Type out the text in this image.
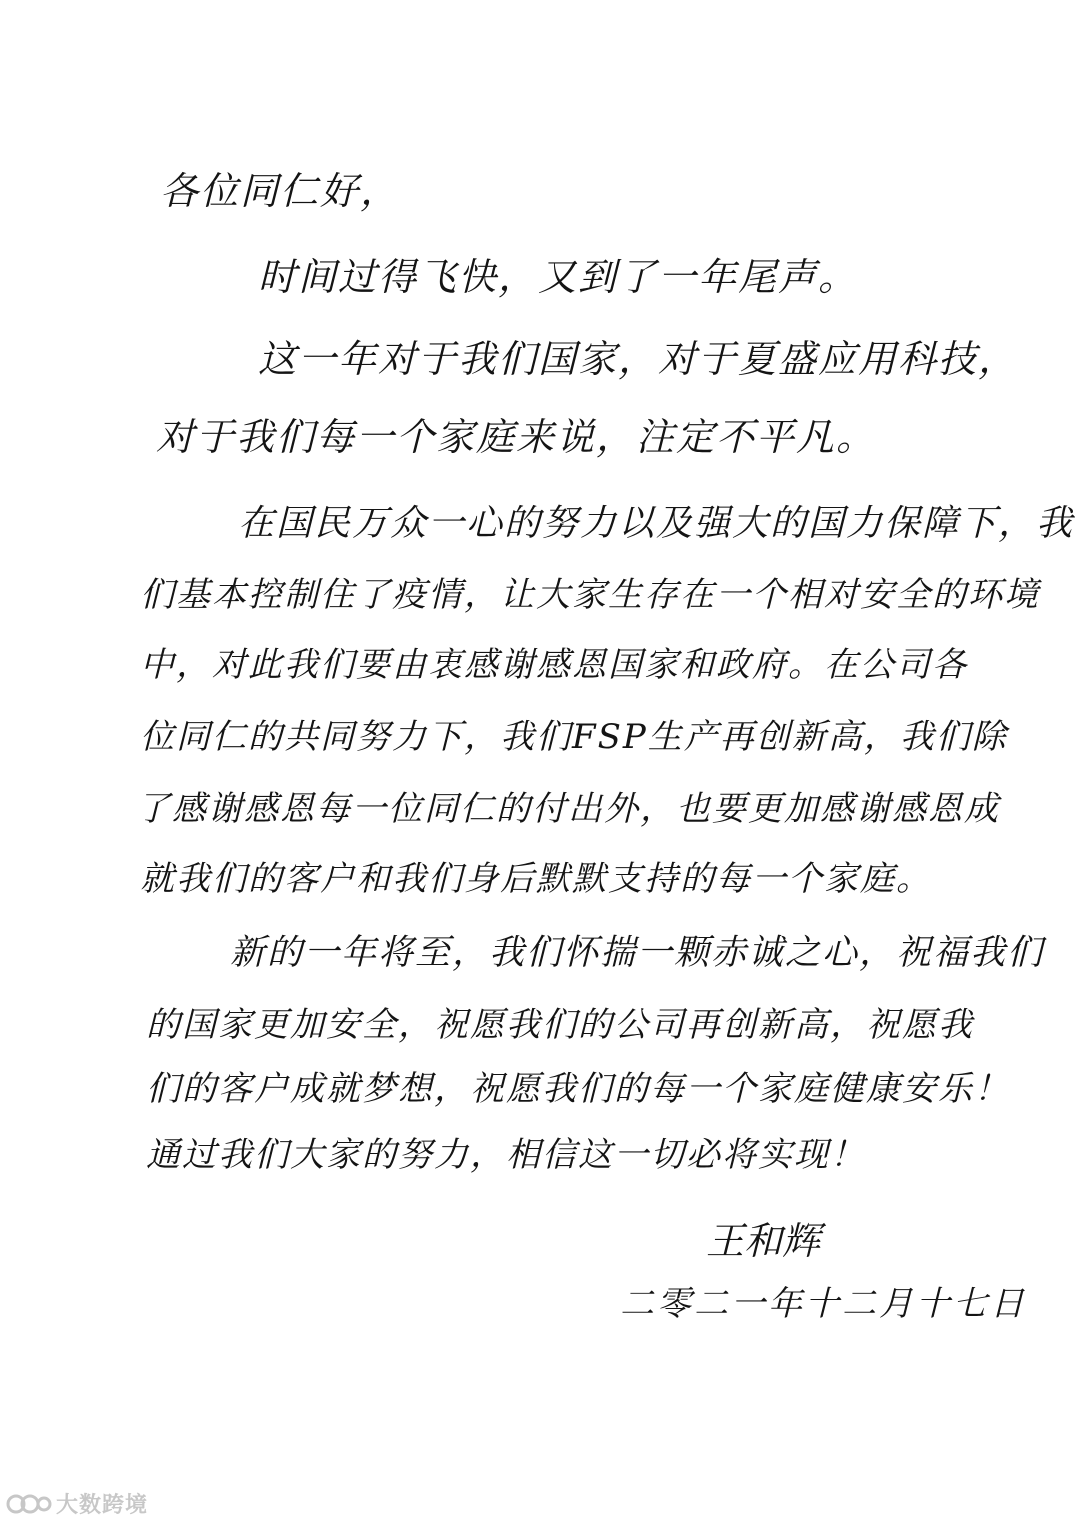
各位同仁好，
时间过得飞快，又到了一年尾声。
这一年对于我们国家，对于夏盛应用科技，
对于我们每一个家庭来说，注定不平凡。
在国民万众一心的努力以及强大的国力保障下，我
们基本控制住了疫情，让大家生存在一个相对安全的环境
中，对此我们要由衷感谢感恩国家和政府。在公司各
位同仁的共同努力下，我们FSP生产再创新高，我们除
了感谢感恩每一位同仁的付出外，也要更加感谢感恩成
就我们的客户和我们身后默默支持的每一个家庭。
新的一年将至，我们怀揣一颗赤诚之心，祝福我们
的国家更加安全，祝愿我们的公司再创新高，祝愿我
们的客户成就梦想，祝愿我们的每一个家庭健康安乐！
通过我们大家的努力，相信这一切必将实现！
王和辉
二零二一年十二月十七日
大数跨境
